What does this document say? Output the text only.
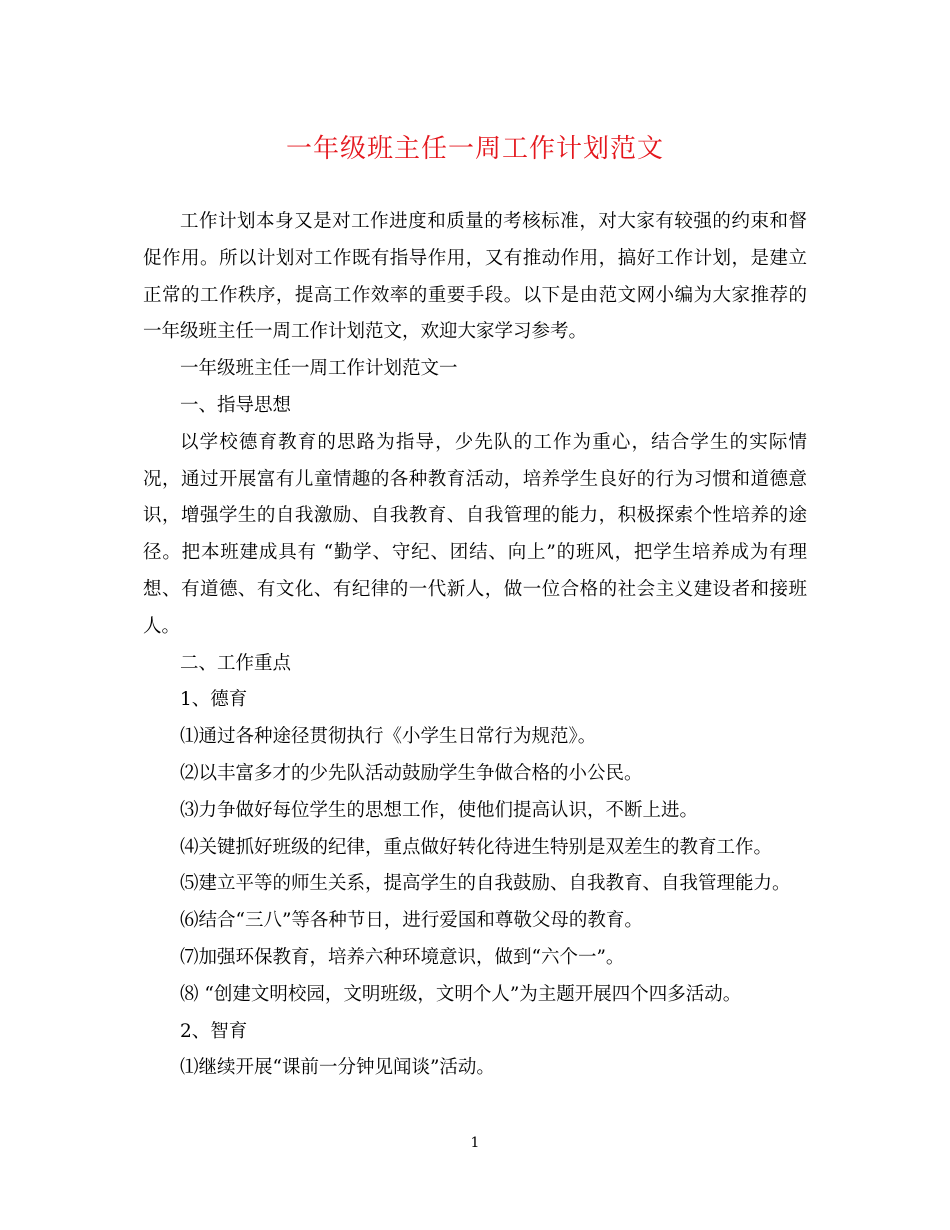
一年级班主任一周工作计划范文

工作计划本身又是对工作进度和质量的考核标准，对大家有较强的约束和督促作用。所以计划对工作既有指导作用，又有推动作用，搞好工作计划，是建立正常的工作秩序，提高工作效率的重要手段。以下是由范文网小编为大家推荐的一年级班主任一周工作计划范文，欢迎大家学习参考。

一年级班主任一周工作计划范文一

一、指导思想

以学校德育教育的思路为指导，少先队的工作为重心，结合学生的实际情况，通过开展富有儿童情趣的各种教育活动，培养学生良好的行为习惯和道德意识，增强学生的自我激励、自我教育、自我管理的能力，积极探索个性培养的途径。把本班建成具有 “勤学、守纪、团结、向上”的班风，把学生培养成为有理想、有道德、有文化、有纪律的一代新人，做一位合格的社会主义建设者和接班人。

二、工作重点

1、德育

⑴通过各种途径贯彻执行《小学生日常行为规范》。

⑵以丰富多才的少先队活动鼓励学生争做合格的小公民。

⑶力争做好每位学生的思想工作，使他们提高认识，不断上进。

⑷关键抓好班级的纪律，重点做好转化待进生特别是双差生的教育工作。

⑸建立平等的师生关系，提高学生的自我鼓励、自我教育、自我管理能力。

⑹结合“三八”等各种节日，进行爱国和尊敬父母的教育。

⑺加强环保教育，培养六种环境意识，做到“六个一”。

⑻ “创建文明校园，文明班级，文明个人”为主题开展四个四多活动。

2、智育

⑴继续开展“课前一分钟见闻谈”活动。

1
